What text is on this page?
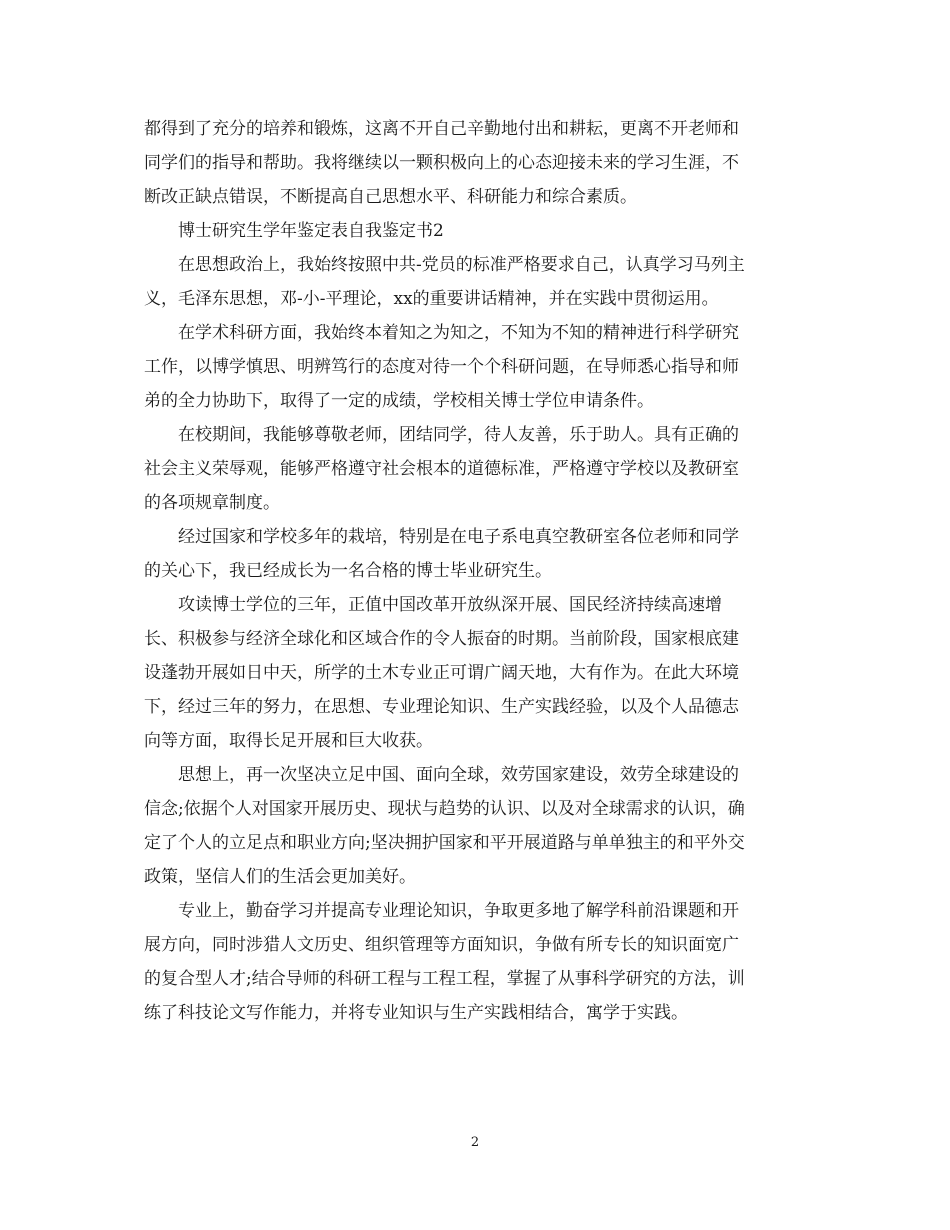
都得到了充分的培养和锻炼，这离不开自己辛勤地付出和耕耘，更离不开老师和
同学们的指导和帮助。我将继续以一颗积极向上的心态迎接未来的学习生涯，不
断改正缺点错误，不断提高自己思想水平、科研能力和综合素质。
博士研究生学年鉴定表自我鉴定书2
在思想政治上，我始终按照中共-党员的标准严格要求自己，认真学习马列主
义，毛泽东思想，邓-小-平理论，xx的重要讲话精神，并在实践中贯彻运用。
在学术科研方面，我始终本着知之为知之，不知为不知的精神进行科学研究
工作，以博学慎思、明辨笃行的态度对待一个个科研问题，在导师悉心指导和师
弟的全力协助下，取得了一定的成绩，学校相关博士学位申请条件。
在校期间，我能够尊敬老师，团结同学，待人友善，乐于助人。具有正确的
社会主义荣辱观，能够严格遵守社会根本的道德标准，严格遵守学校以及教研室
的各项规章制度。
经过国家和学校多年的栽培，特别是在电子系电真空教研室各位老师和同学
的关心下，我已经成长为一名合格的博士毕业研究生。
攻读博士学位的三年，正值中国改革开放纵深开展、国民经济持续高速增
长、积极参与经济全球化和区域合作的令人振奋的时期。当前阶段，国家根底建
设蓬勃开展如日中天，所学的土木专业正可谓广阔天地，大有作为。在此大环境
下，经过三年的努力，在思想、专业理论知识、生产实践经验，以及个人品德志
向等方面，取得长足开展和巨大收获。
思想上，再一次坚决立足中国、面向全球，效劳国家建设，效劳全球建设的
信念;依据个人对国家开展历史、现状与趋势的认识、以及对全球需求的认识，确
定了个人的立足点和职业方向;坚决拥护国家和平开展道路与单单独主的和平外交
政策，坚信人们的生活会更加美好。
专业上，勤奋学习并提高专业理论知识，争取更多地了解学科前沿课题和开
展方向，同时涉猎人文历史、组织管理等方面知识，争做有所专长的知识面宽广
的复合型人才;结合导师的科研工程与工程工程，掌握了从事科学研究的方法，训
练了科技论文写作能力，并将专业知识与生产实践相结合，寓学于实践。
2
